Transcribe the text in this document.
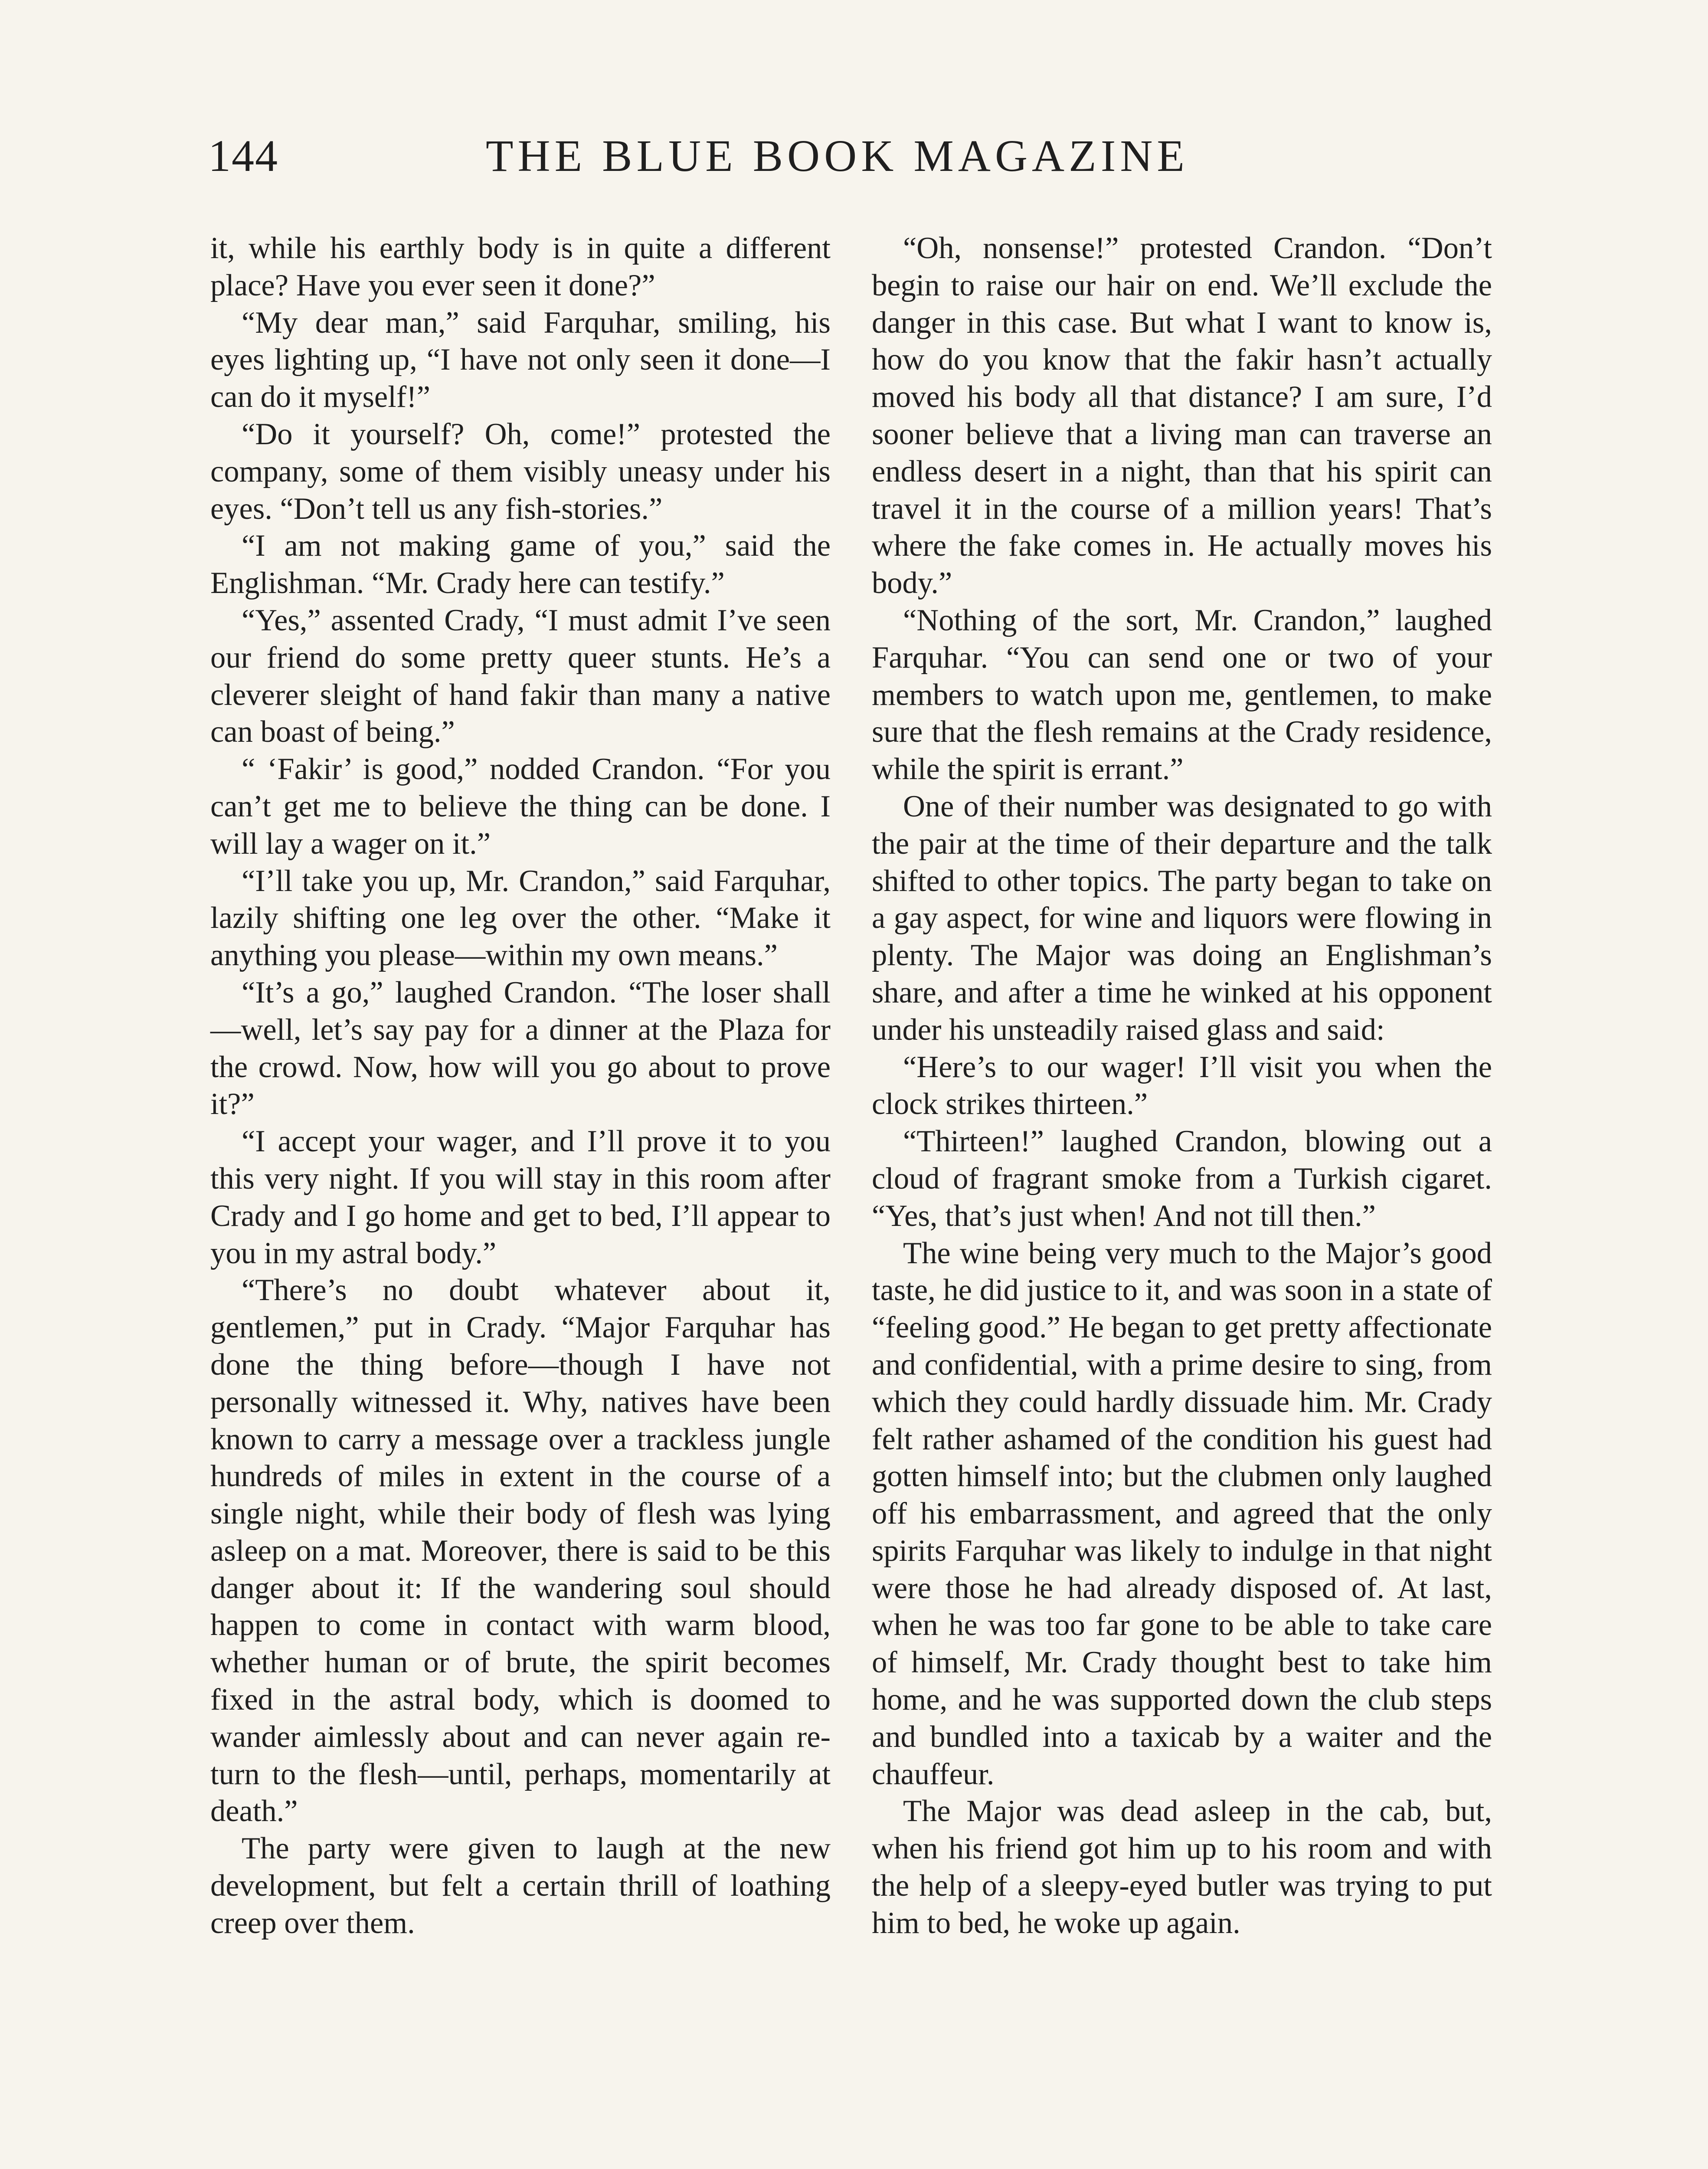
144	THE BLUE BOOK MAGAZINE

it, while his earthly body is in quite a different place? Have you ever seen it done?”

“My dear man,” said Farquhar, smiling, his eyes lighting up, “I have not only seen it done—I can do it myself!”

“Do it yourself? Oh, come!” protested the company, some of them visibly uneasy under his eyes. “Don’t tell us any fish-stories.”

“I am not making game of you,” said the Englishman. “Mr. Crady here can testify.”

“Yes,” assented Crady, “I must admit I’ve seen our friend do some pretty queer stunts. He’s a cleverer sleight of hand fakir than many a native can boast of being.”

“ ‘Fakir’ is good,” nodded Crandon. “For you can’t get me to believe the thing can be done. I will lay a wager on it.”

“I’ll take you up, Mr. Crandon,” said Farquhar, lazily shifting one leg over the other. “Make it anything you please—within my own means.”

“It’s a go,” laughed Crandon. “The loser shall—well, let’s say pay for a dinner at the Plaza for the crowd. Now, how will you go about to prove it?”

“I accept your wager, and I’ll prove it to you this very night. If you will stay in this room after Crady and I go home and get to bed, I’ll appear to you in my astral body.”

“There’s no doubt whatever about it, gentlemen,” put in Crady. “Major Farquhar has done the thing before—though I have not personally witnessed it. Why, natives have been known to carry a message over a trackless jungle hundreds of miles in extent in the course of a single night, while their body of flesh was lying asleep on a mat. Moreover, there is said to be this danger about it: If the wandering soul should happen to come in contact with warm blood, whether human or of brute, the spirit becomes fixed in the astral body, which is doomed to wander aimlessly about and can never again return to the flesh—until, perhaps, momentarily at death.”

The party were given to laugh at the new development, but felt a certain thrill of loathing creep over them.

“Oh, nonsense!” protested Crandon. “Don’t begin to raise our hair on end. We’ll exclude the danger in this case. But what I want to know is, how do you know that the fakir hasn’t actually moved his body all that distance? I am sure, I’d sooner believe that a living man can traverse an endless desert in a night, than that his spirit can travel it in the course of a million years! That’s where the fake comes in. He actually moves his body.”

“Nothing of the sort, Mr. Crandon,” laughed Farquhar. “You can send one or two of your members to watch upon me, gentlemen, to make sure that the flesh remains at the Crady residence, while the spirit is errant.”

One of their number was designated to go with the pair at the time of their departure and the talk shifted to other topics. The party began to take on a gay aspect, for wine and liquors were flowing in plenty. The Major was doing an Englishman’s share, and after a time he winked at his opponent under his unsteadily raised glass and said:

“Here’s to our wager! I’ll visit you when the clock strikes thirteen.”

“Thirteen!” laughed Crandon, blowing out a cloud of fragrant smoke from a Turkish cigaret. “Yes, that’s just when! And not till then.”

The wine being very much to the Major’s good taste, he did justice to it, and was soon in a state of “feeling good.” He began to get pretty affectionate and confidential, with a prime desire to sing, from which they could hardly dissuade him. Mr. Crady felt rather ashamed of the condition his guest had gotten himself into; but the clubmen only laughed off his embarrassment, and agreed that the only spirits Farquhar was likely to indulge in that night were those he had already disposed of. At last, when he was too far gone to be able to take care of himself, Mr. Crady thought best to take him home, and he was supported down the club steps and bundled into a taxicab by a waiter and the chauffeur.

The Major was dead asleep in the cab, but, when his friend got him up to his room and with the help of a sleepy-eyed butler was trying to put him to bed, he woke up again.
